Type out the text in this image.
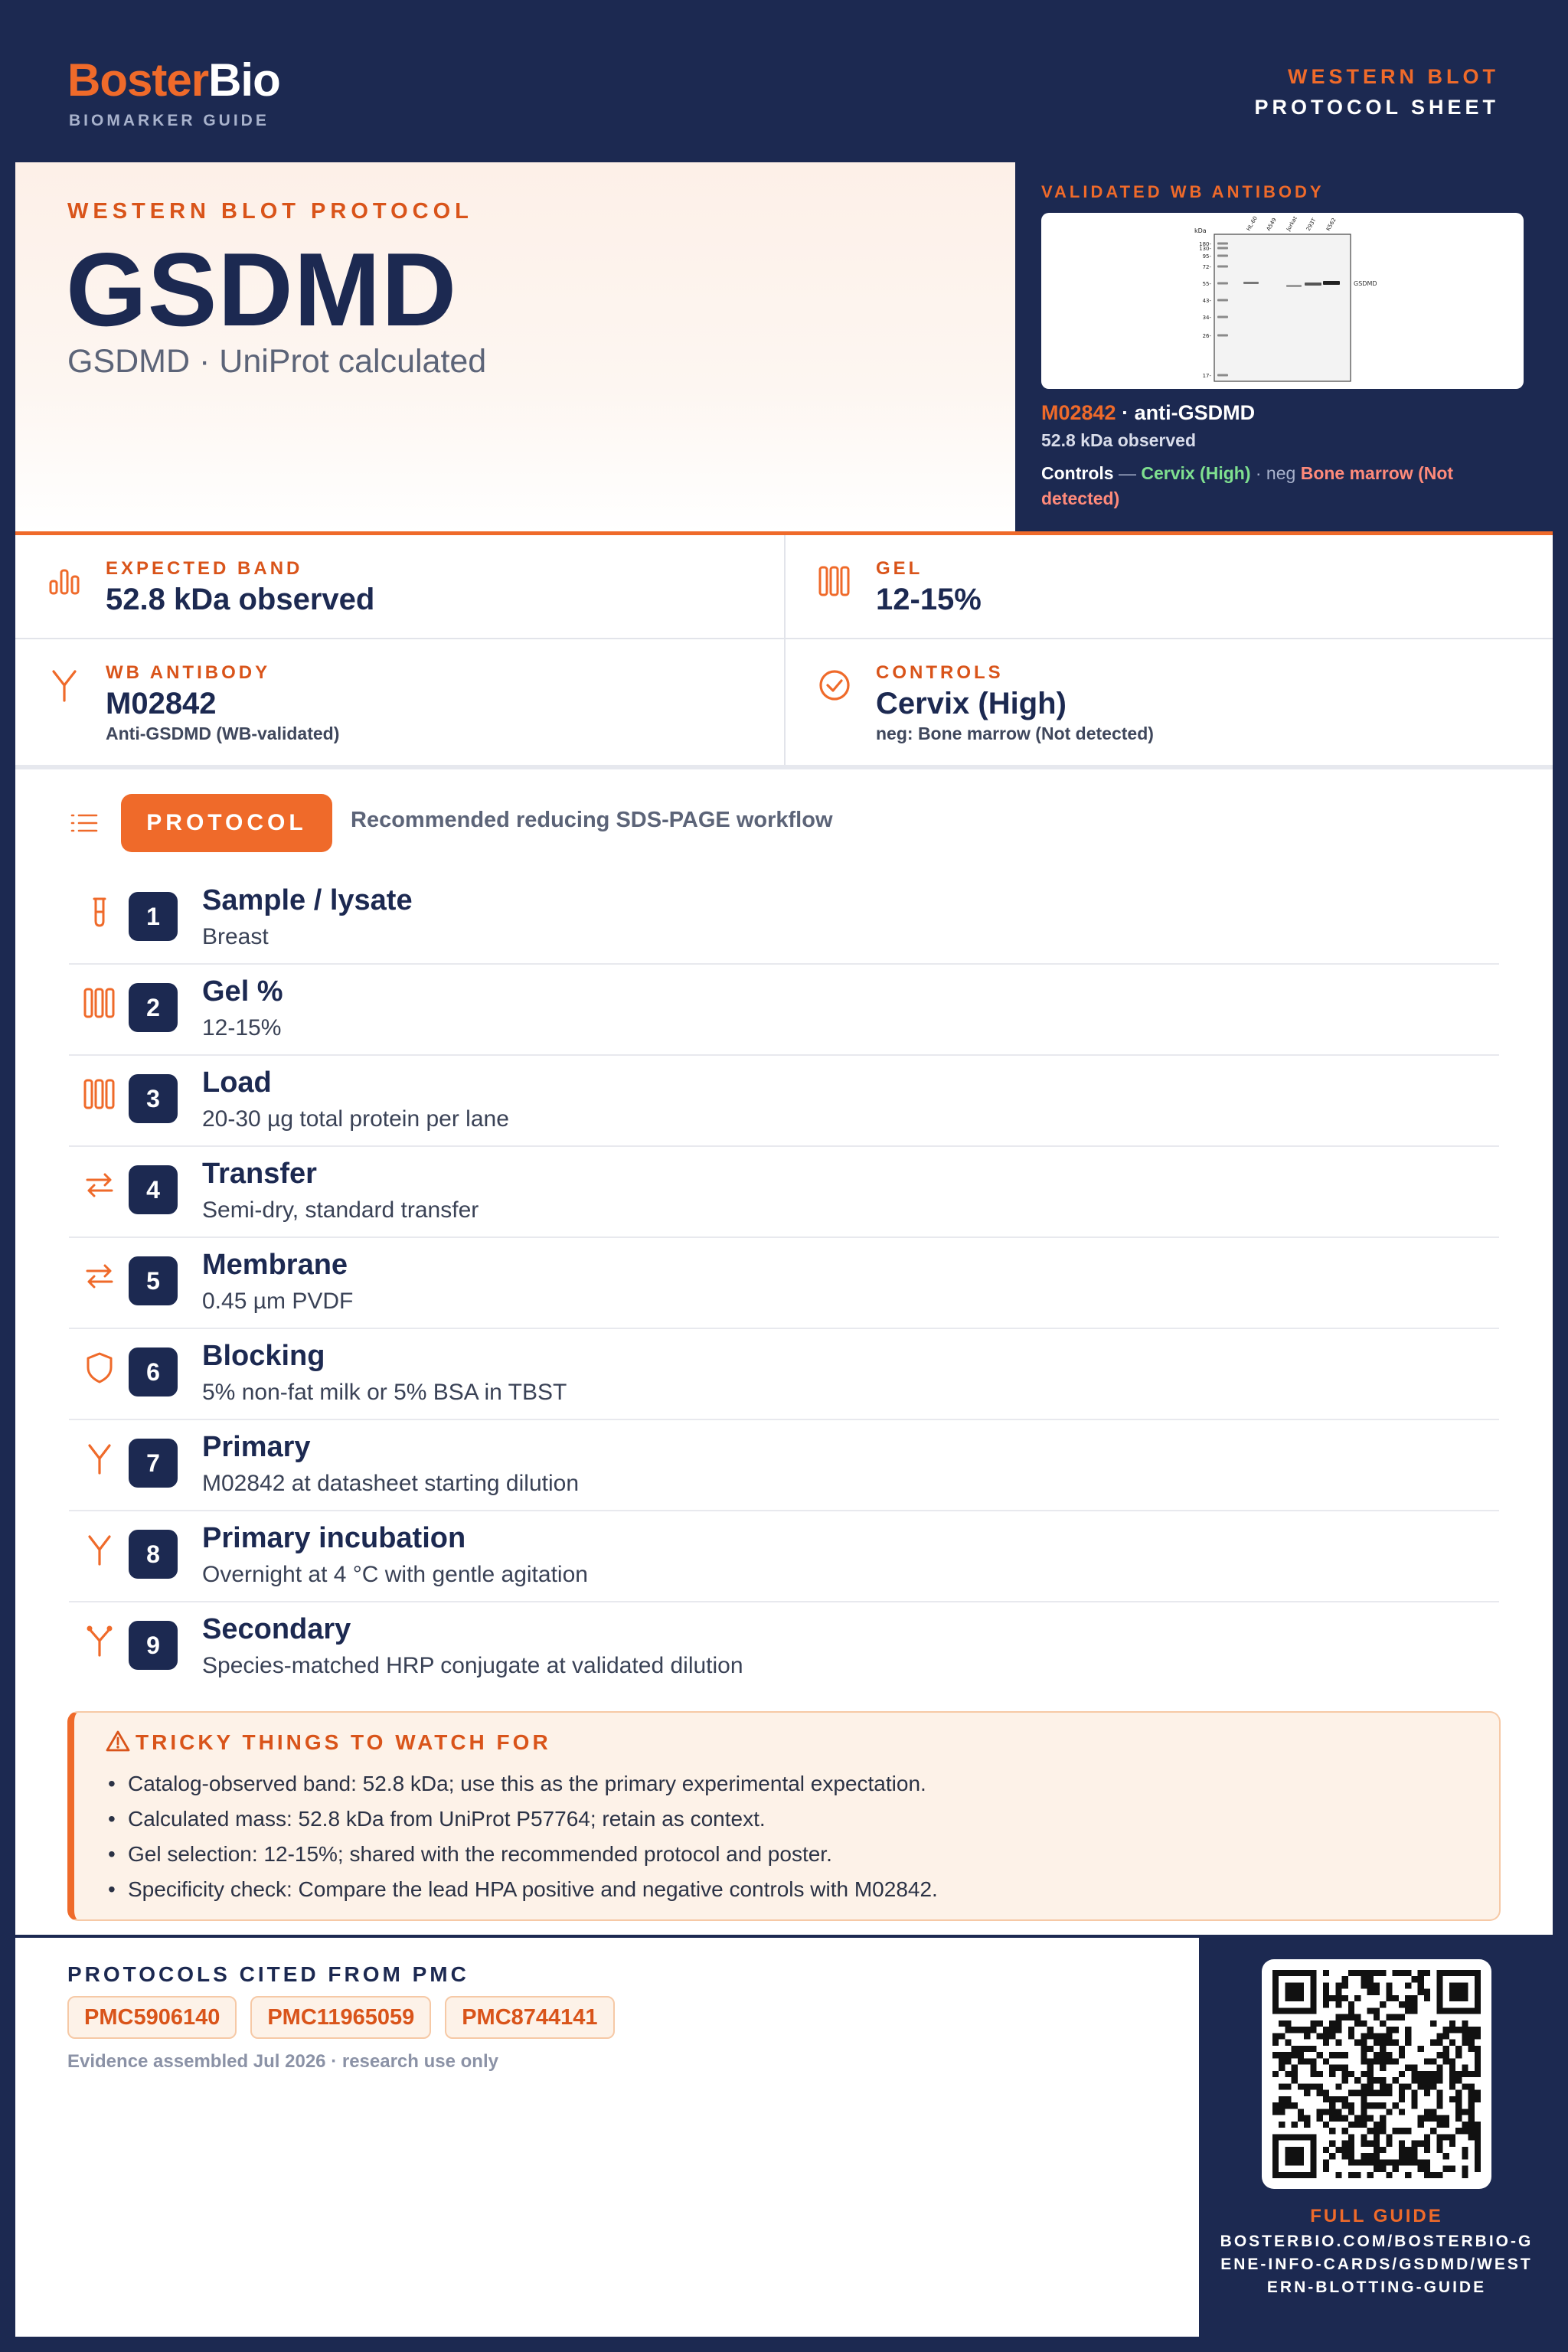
BosterBio
BIOMARKER GUIDE
WESTERN BLOT
PROTOCOL SHEET
WESTERN BLOT PROTOCOL
GSDMD
GSDMD · UniProt calculated
VALIDATED WB ANTIBODY
kDa
180-
130-
95-
72-
55-
43-
34-
26-
17-
HL-60 A549 Jurkat 293T K562
GSDMD
M02842 · anti-GSDMD
52.8 kDa observed
Controls — Cervix (High) · neg Bone marrow (Not detected)
EXPECTED BAND
52.8 kDa observed
GEL
12-15%
WB ANTIBODY
M02842
Anti-GSDMD (WB-validated)
CONTROLS
Cervix (High)
neg: Bone marrow (Not detected)
PROTOCOL	Recommended reducing SDS-PAGE workflow
1	Sample / lysate
Breast
2	Gel %
12-15%
3	Load
20-30 µg total protein per lane
4	Transfer
Semi-dry, standard transfer
5	Membrane
0.45 µm PVDF
6	Blocking
5% non-fat milk or 5% BSA in TBST
7	Primary
M02842 at datasheet starting dilution
8	Primary incubation
Overnight at 4 °C with gentle agitation
9	Secondary
Species-matched HRP conjugate at validated dilution
TRICKY THINGS TO WATCH FOR
• Catalog-observed band: 52.8 kDa; use this as the primary experimental expectation.
• Calculated mass: 52.8 kDa from UniProt P57764; retain as context.
• Gel selection: 12-15%; shared with the recommended protocol and poster.
• Specificity check: Compare the lead HPA positive and negative controls with M02842.
PROTOCOLS CITED FROM PMC
PMC5906140	PMC11965059	PMC8744141
Evidence assembled Jul 2026 · research use only
FULL GUIDE
BOSTERBIO.COM/BOSTERBIO-GENE-INFO-CARDS/GSDMD/WESTERN-BLOTTING-GUIDE
